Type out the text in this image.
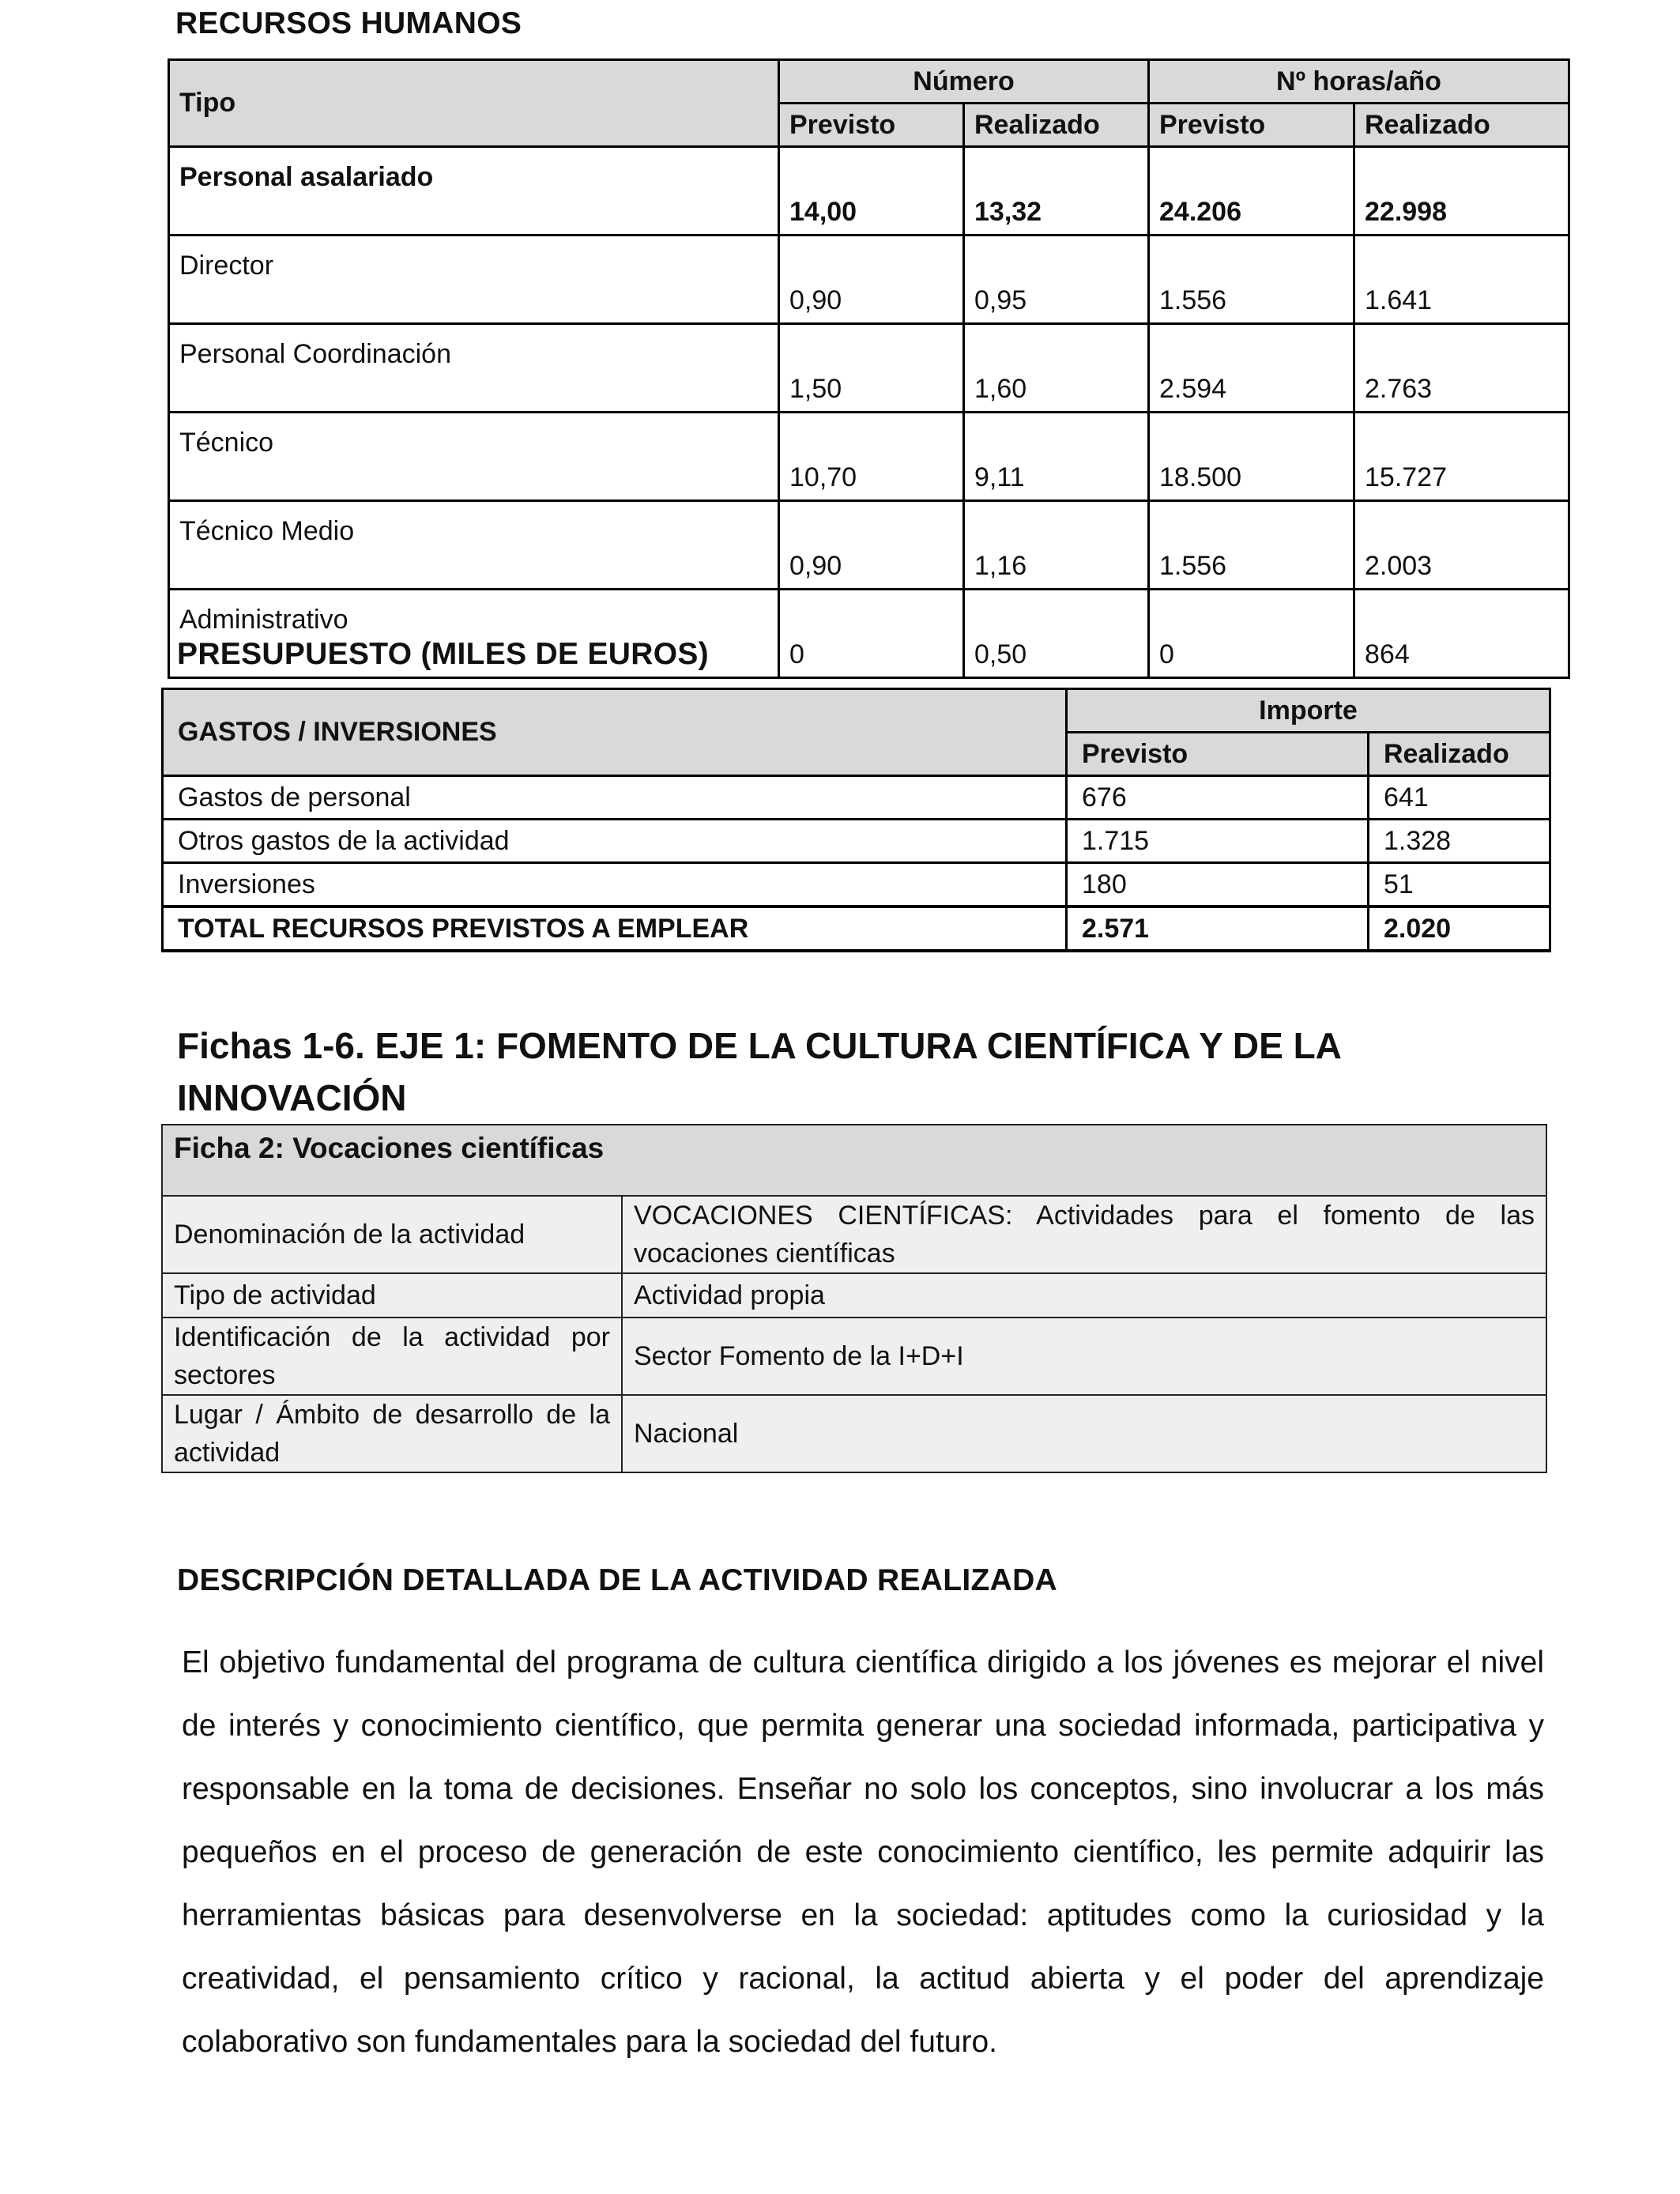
RECURSOS HUMANOS
Tipo	Número		Nº horas/año	
	Previsto	Realizado	Previsto	Realizado
Personal asalariado	14,00	13,32	24.206	22.998
Director	0,90	0,95	1.556	1.641
Personal Coordinación	1,50	1,60	2.594	2.763
Técnico	10,70	9,11	18.500	15.727
Técnico Medio	0,90	1,16	1.556	2.003
Administrativo	0	0,50	0	864
PRESUPUESTO (MILES DE EUROS)
GASTOS / INVERSIONES	Importe	
	Previsto	Realizado
Gastos de personal	676	641
Otros gastos de la actividad	1.715	1.328
Inversiones	180	51
TOTAL RECURSOS PREVISTOS A EMPLEAR	2.571	2.020
Fichas 1-6. EJE 1: FOMENTO DE LA CULTURA CIENTÍFICA Y DE LA
INNOVACIÓN
Ficha 2: Vocaciones científicas	
Denominación de la actividad	VOCACIONES CIENTÍFICAS: Actividades para el fomento de las vocaciones científicas
Tipo de actividad	Actividad propia
Identificación de la actividad por sectores	Sector Fomento de la I+D+I
Lugar / Ámbito de desarrollo de la actividad	Nacional
DESCRIPCIÓN DETALLADA DE LA ACTIVIDAD REALIZADA

El objetivo fundamental del programa de cultura científica dirigido a los jóvenes es mejorar el nivel de interés y conocimiento científico, que permita generar una sociedad informada, participativa y responsable en la toma de decisiones. Enseñar no solo los conceptos, sino involucrar a los más pequeños en el proceso de generación de este conocimiento científico, les permite adquirir las herramientas básicas para desenvolverse en la sociedad: aptitudes como la curiosidad y la creatividad, el pensamiento crítico y racional, la actitud abierta y el poder del aprendizaje colaborativo son fundamentales para la sociedad del futuro.
